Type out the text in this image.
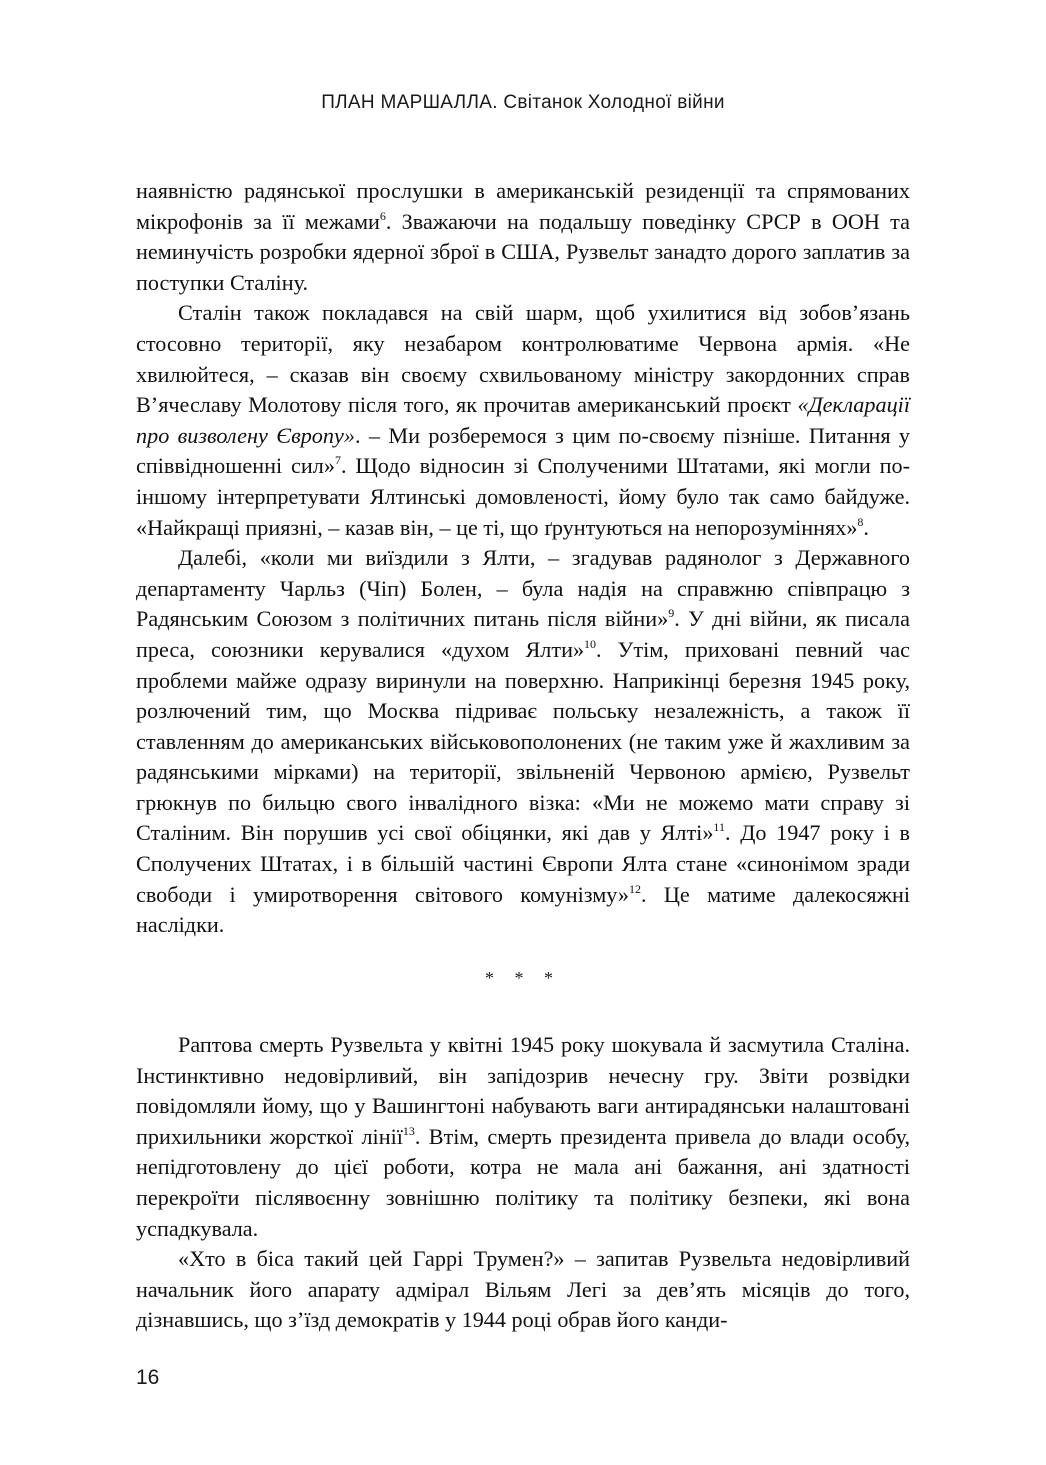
ПЛАН МАРШАЛЛА. Світанок Холодної війни

наявністю радянської прослушки в американській резиденції та спрямованих мікрофонів за її межами$^6$. Зважаючи на подальшу поведінку СРСР в ООН та неминучість розробки ядерної зброї в США, Рузвельт занадто дорого заплатив за поступки Сталіну.

Сталін також покладався на свій шарм, щоб ухилитися від зобов’язань стосовно території, яку незабаром контролюватиме Червона армія. «Не хвилюйтеся, – сказав він своєму схвильованому міністру закордонних справ В’ячеславу Молотову після того, як прочитав американський проєкт «Декларації про визволену Європу». – Ми розберемося з цим по-своєму пізніше. Питання у співвідношенні сил»$^7$. Щодо відносин зі Сполученими Штатами, які могли по-іншому інтерпретувати Ялтинські домовленості, йому було так само байдуже. «Найкращі приязні, – казав він, – це ті, що ґрунтуються на непорозуміннях»$^8$.

Далебі, «коли ми виїздили з Ялти, – згадував радянолог з Державного департаменту Чарльз (Чіп) Болен, – була надія на справжню співпрацю з Радянським Союзом з політичних питань після війни»$^9$. У дні війни, як писала преса, союзники керувалися «духом Ялти»$^{10}$. Утім, приховані певний час проблеми майже одразу виринули на поверхню. Наприкінці березня 1945 року, розлючений тим, що Москва підриває польську незалежність, а також її ставленням до американських військовополонених (не таким уже й жахливим за радянськими мірками) на території, звільненій Червоною армією, Рузвельт грюкнув по бильцю свого інвалідного візка: «Ми не можемо мати справу зі Сталіним. Він порушив усі свої обіцянки, які дав у Ялті»$^{11}$. До 1947 року і в Сполучених Штатах, і в більшій частині Європи Ялта стане «синонімом зради свободи і умиротворення світового комунізму»$^{12}$. Це матиме далекосяжні наслідки.

* * *

Раптова смерть Рузвельта у квітні 1945 року шокувала й засмутила Сталіна. Інстинктивно недовірливий, він запідозрив нечесну гру. Звіти розвідки повідомляли йому, що у Вашингтоні набувають ваги антирадянськи налаштовані прихильники жорсткої лінії$^{13}$. Втім, смерть президента привела до влади особу, непідготовлену до цієї роботи, котра не мала ані бажання, ані здатності перекроїти післявоєнну зовнішню політику та політику безпеки, які вона успадкувала.

«Хто в біса такий цей Гаррі Трумен?» – запитав Рузвельта недовірливий начальник його апарату адмірал Вільям Легі за дев’ять місяців до того, дізнавшись, що з’їзд демократів у 1944 році обрав його канди-

16
